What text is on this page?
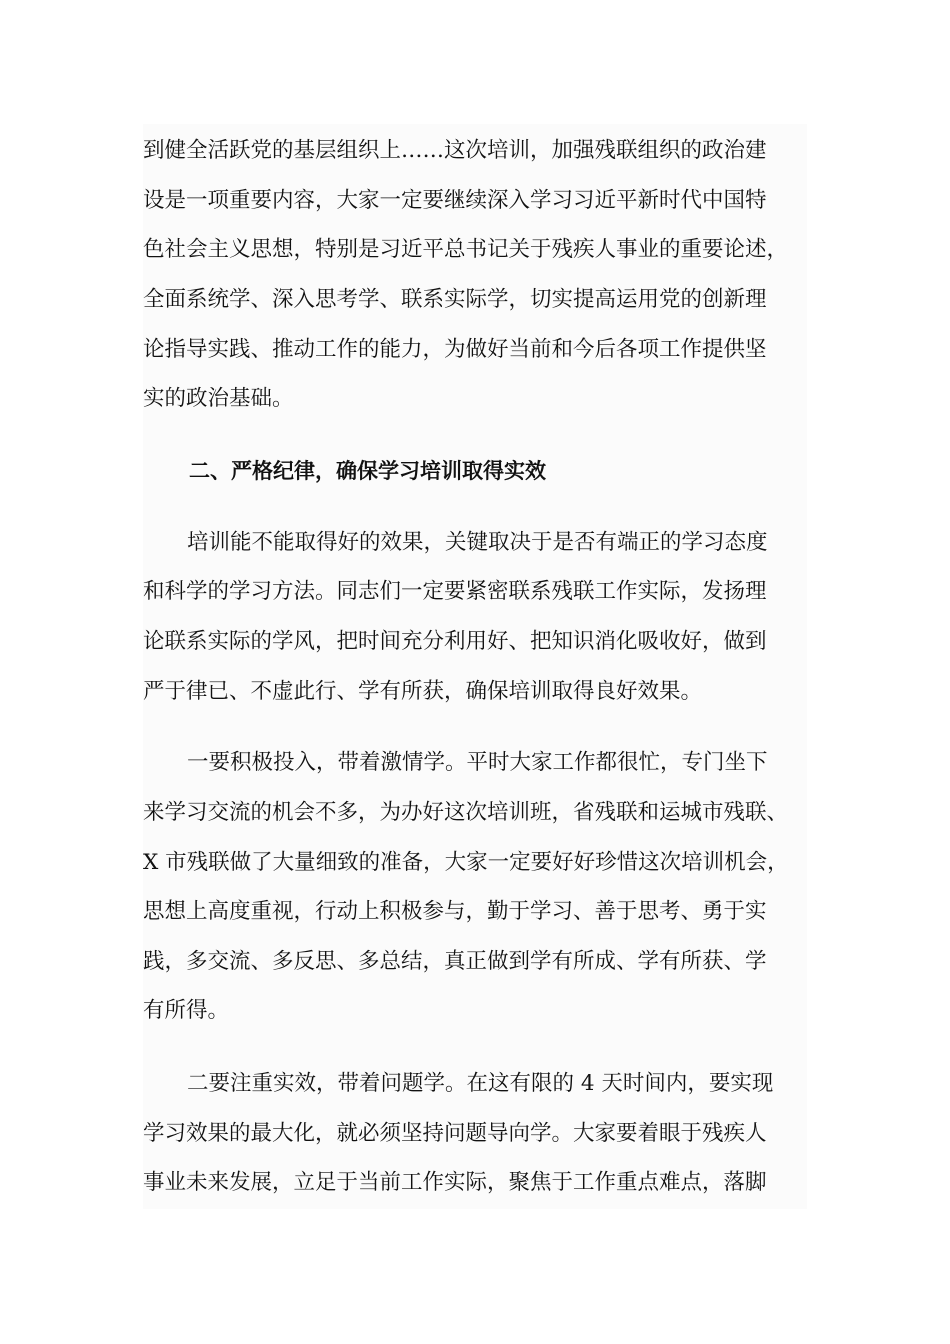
到健全活跃党的基层组织上……这次培训，加强残联组织的政治建

设是一项重要内容，大家一定要继续深入学习习近平新时代中国特

色社会主义思想，特别是习近平总书记关于残疾人事业的重要论述，

全面系统学、深入思考学、联系实际学，切实提高运用党的创新理

论指导实践、推动工作的能力，为做好当前和今后各项工作提供坚

实的政治基础。

二、严格纪律，确保学习培训取得实效

培训能不能取得好的效果，关键取决于是否有端正的学习态度

和科学的学习方法。同志们一定要紧密联系残联工作实际，发扬理

论联系实际的学风，把时间充分利用好、把知识消化吸收好，做到

严于律已、不虚此行、学有所获，确保培训取得良好效果。

一要积极投入，带着激情学。平时大家工作都很忙，专门坐下

来学习交流的机会不多，为办好这次培训班，省残联和运城市残联、

X 市残联做了大量细致的准备，大家一定要好好珍惜这次培训机会，

思想上高度重视，行动上积极参与，勤于学习、善于思考、勇于实

践，多交流、多反思、多总结，真正做到学有所成、学有所获、学

有所得。

二要注重实效，带着问题学。在这有限的 4 天时间内，要实现

学习效果的最大化，就必须坚持问题导向学。大家要着眼于残疾人

事业未来发展，立足于当前工作实际，聚焦于工作重点难点，落脚
